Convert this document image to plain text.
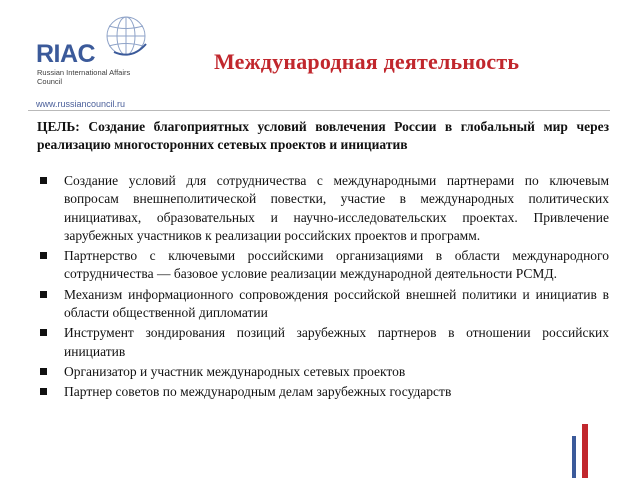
RIAC
Russian International Affairs Council
www.russiancouncil.ru
Международная деятельность
ЦЕЛЬ: Создание благоприятных условий вовлечения России в глобальный мир через реализацию многосторонних сетевых проектов и инициатив
Создание условий для сотрудничества с международными партнерами по ключевым вопросам внешнеполитической повестки, участие в международных политических инициативах, образовательных и научно-исследовательских проектах. Привлечение зарубежных участников к реализации российских проектов и программ.
Партнерство с ключевыми российскими организациями в области международного сотрудничества — базовое условие реализации международной деятельности РСМД.
Механизм информационного сопровождения российской внешней политики и инициатив в области общественной дипломатии
Инструмент зондирования позиций зарубежных партнеров в отношении российских инициатив
Организатор и участник международных сетевых проектов
Партнер советов по международным делам зарубежных государств
